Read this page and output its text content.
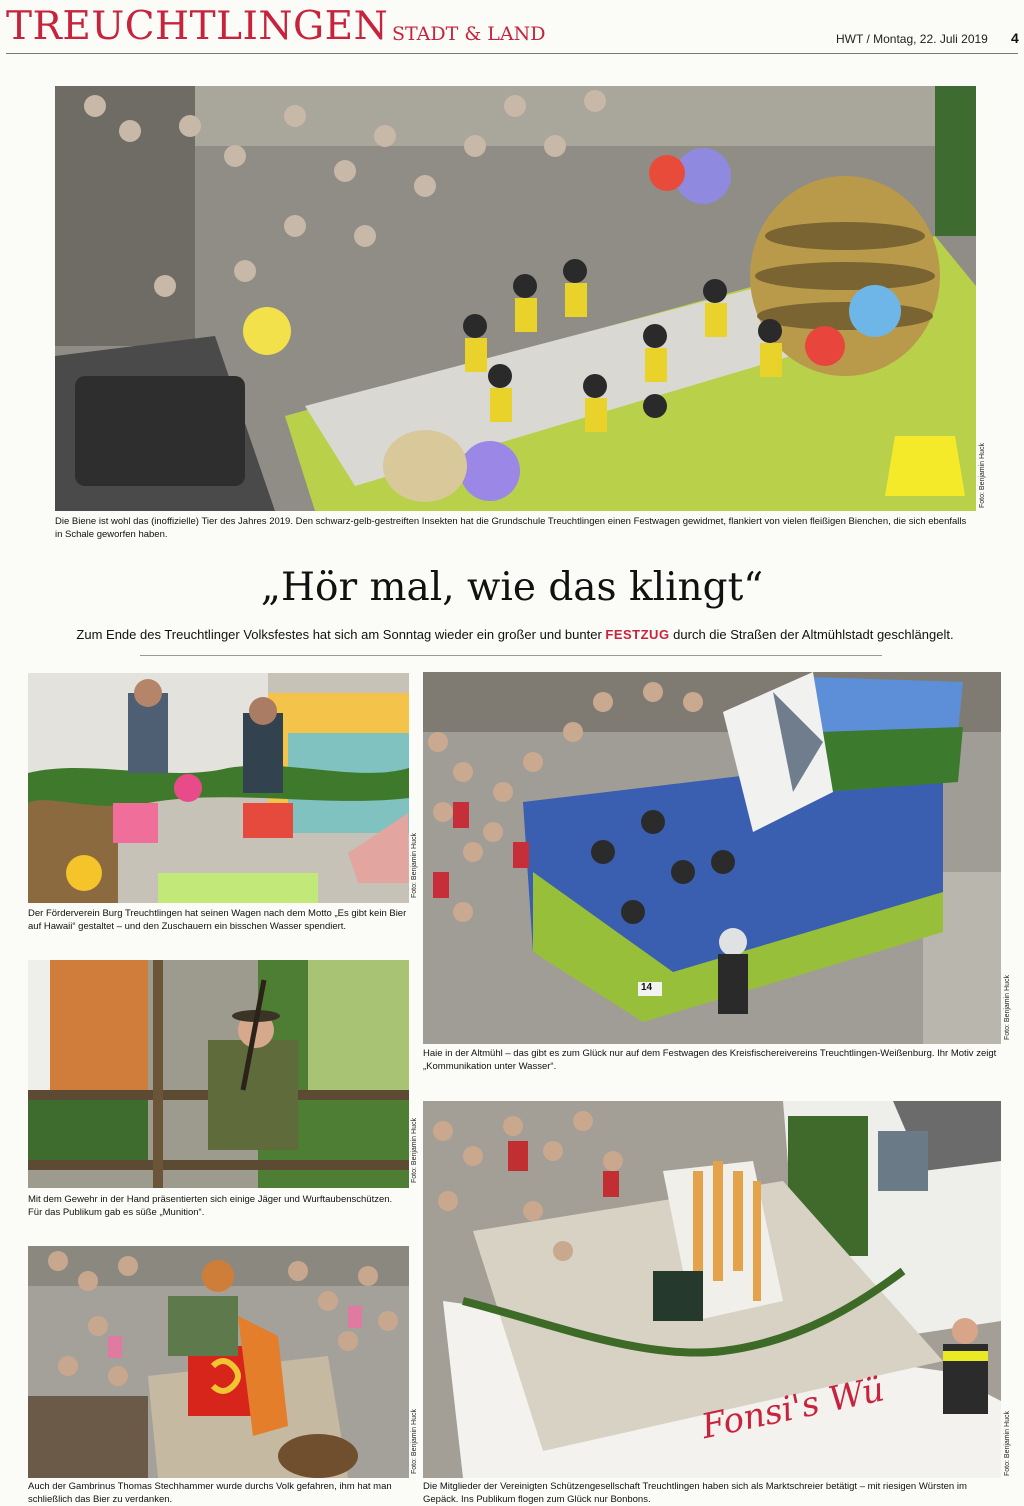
TREUCHTLINGEN STADT & LAND	HWT / Montag, 22. Juli 2019 4
Foto: Benjamin Huck

Die Biene ist wohl das (inoffizielle) Tier des Jahres 2019. Den schwarz-gelb-gestreiften Insekten hat die Grundschule Treuchtlingen einen Festwagen gewidmet, flankiert von vielen fleißigen Bienchen, die sich ebenfalls in Schale geworfen haben.

„Hör mal, wie das klingt“

Zum Ende des Treuchtlinger Volksfestes hat sich am Sonntag wieder ein großer und bunter FESTZUG durch die Straßen der Altmühlstadt geschlängelt.

Foto: Benjamin Huck

Der Förderverein Burg Treuchtlingen hat seinen Wagen nach dem Motto „Es gibt kein Bier auf Hawaii“ gestaltet – und den Zuschauern ein bisschen Wasser spendiert.

14	Foto: Benjamin Huck

Haie in der Altmühl – das gibt es zum Glück nur auf dem Festwagen des Kreisfischereivereins Treuchtlingen-Weißenburg. Ihr Motiv zeigt „Kommunikation unter Wasser“.

Foto: Benjamin Huck

Mit dem Gewehr in der Hand präsentierten sich einige Jäger und Wurftaubenschützen. Für das Publikum gab es süße „Munition“.

Fonsi's Wü	Foto: Benjamin Huck

Die Mitglieder der Vereinigten Schützengesellschaft Treuchtlingen haben sich als Marktschreier betätigt – mit riesigen Würsten im Gepäck. Ins Publikum flogen zum Glück nur Bonbons.

Foto: Benjamin Huck

Auch der Gambrinus Thomas Stechhammer wurde durchs Volk gefahren, ihm hat man schließlich das Bier zu verdanken.
